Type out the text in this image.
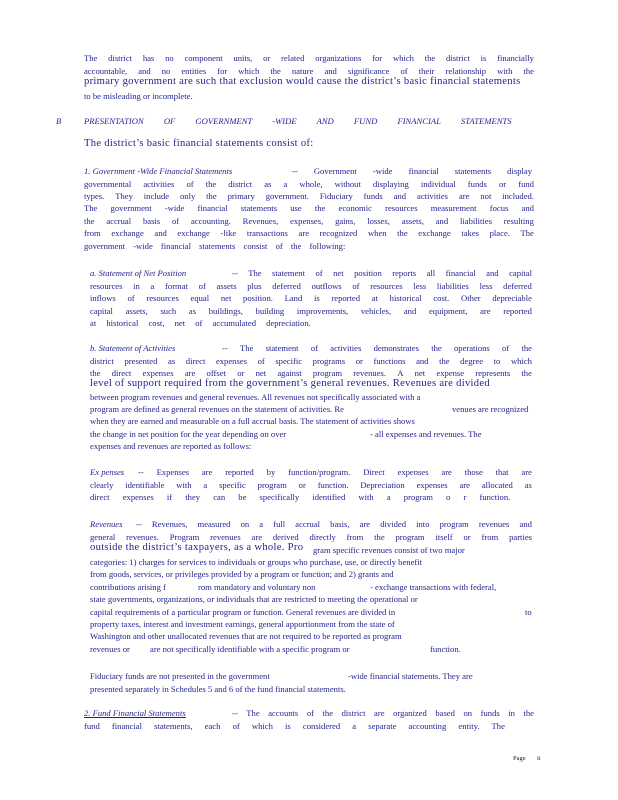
The district has no component units, or related organizations for which the district is financially
accountable, and no entities for which the nature and significance of their relationship with the
primary government are such that exclusion would cause the district’s basic financial statements
to be misleading or incomplete.
B	PRESENTATION OF GOVERNMENT -WIDE AND FUND FINANCIAL STATEMENTS
The district’s basic financial statements consist of:
1. Government -Wide Financial Statements	-- Government -wide financial statements display
governmental activities of the district as a whole, without displaying individual funds or fund
types. They include only the primary government. Fiduciary funds and activities are not included.
The government -wide financial statements use the economic resources measurement focus and
the accrual basis of accounting. Revenues, expenses, gains, losses, assets, and liabilities resulting
from exchange and exchange -like transactions are recognized when the exchange takes place. The
government -wide financial statements consist of the following:
a. Statement of Net Position	-- The statement of net position reports all financial and capital
resources in a format of assets plus deferred outflows of resources less liabilities less deferred
inflows of resources equal net position. Land is reported at historical cost. Other depreciable
capital assets, such as buildings, building improvements, vehicles, and equipment, are reported
at historical cost, net of accumulated depreciation.
b. Statement of Activities	-- The statement of activities demonstrates the operations of the
district presented as direct expenses of specific programs or functions and the degree to which
the direct expenses are offset or net against program revenues. A net expense represents the
level of support required from the government’s general revenues. Revenues are divided
between program revenues and general revenues. All revenues not specifically associated with a
program are defined as general revenues on the statement of activities. Re	venues are recognized
when they are earned and measurable on a full accrual basis. The statement of activities shows
the change in net position for the year depending on over	- all expenses and revenues. The
expenses and revenues are reported as follows:
Ex penses -- Expenses are reported by function/program. Direct expenses are those that are
clearly identifiable with a specific program or function. Depreciation expenses are allocated as
direct expenses if they can be specifically identified with a program o r function.
Revenues -- Revenues, measured on a full accrual basis, are divided into program revenues and
general revenues. Program revenues are derived directly from the program itself or from parties
outside the district’s taxpayers, as a whole. Pro gram specific revenues consist of two major
categories: 1) charges for services to individuals or groups who purchase, use, or directly benefit
from goods, services, or privileges provided by a program or function; and 2) grants and
contributions arising f	rom mandatory and voluntary non	- exchange transactions with federal,
state governments, organizations, or individuals that are restricted to meeting the operational or
capital requirements of a particular program or function. General revenues are divided in	to
property taxes, interest and investment earnings, general apportionment from the state of
Washington and other unallocated revenues that are not required to be reported as program
revenues or are not specifically identifiable with a specific program or	function.
Fiduciary funds are not presented in the government	-wide financial statements. They are
presented separately in Schedules 5 and 6 of the fund financial statements.
2. Fund Financial Statements	-- The accounts of the district are organized based on funds in the
fund financial statements, each of which is considered a separate accounting entity. The
Page ii
